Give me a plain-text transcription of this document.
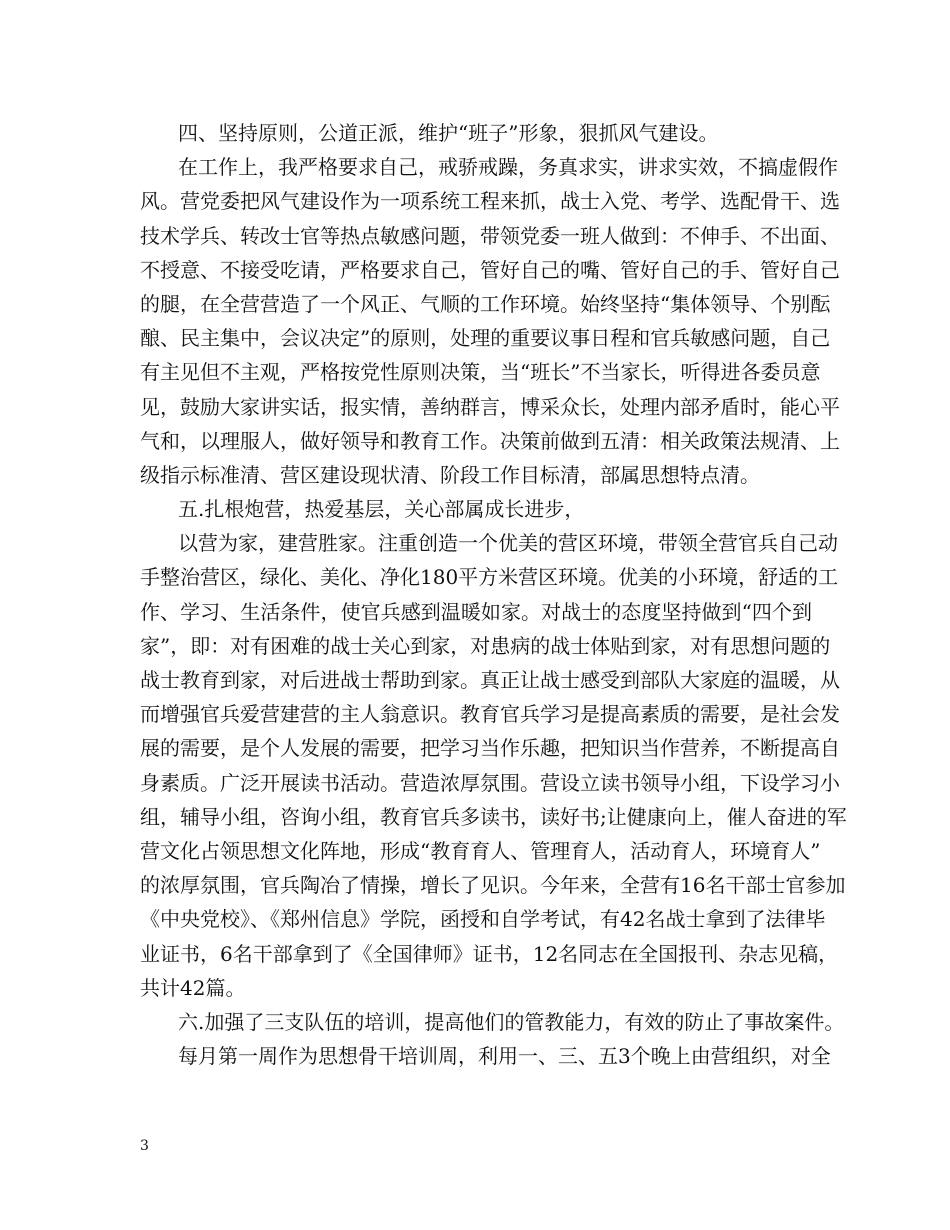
四、坚持原则，公道正派，维护“班子”形象，狠抓风气建设。
在工作上，我严格要求自己，戒骄戒躁，务真求实，讲求实效，不搞虚假作
风。营党委把风气建设作为一项系统工程来抓，战士入党、考学、选配骨干、选
技术学兵、转改士官等热点敏感问题，带领党委一班人做到：不伸手、不出面、
不授意、不接受吃请，严格要求自己，管好自己的嘴、管好自己的手、管好自己
的腿，在全营营造了一个风正、气顺的工作环境。始终坚持“集体领导、个别酝
酿、民主集中，会议决定”的原则，处理的重要议事日程和官兵敏感问题，自己
有主见但不主观，严格按党性原则决策，当“班长”不当家长，听得进各委员意
见，鼓励大家讲实话，报实情，善纳群言，博采众长，处理内部矛盾时，能心平
气和，以理服人，做好领导和教育工作。决策前做到五清：相关政策法规清、上
级指示标准清、营区建设现状清、阶段工作目标清，部属思想特点清。
五.扎根炮营，热爱基层，关心部属成长进步，
以营为家，建营胜家。注重创造一个优美的营区环境，带领全营官兵自己动
手整治营区，绿化、美化、净化180平方米营区环境。优美的小环境，舒适的工
作、学习、生活条件，使官兵感到温暖如家。对战士的态度坚持做到“四个到
家”，即：对有困难的战士关心到家，对患病的战士体贴到家，对有思想问题的
战士教育到家，对后进战士帮助到家。真正让战士感受到部队大家庭的温暖，从
而增强官兵爱营建营的主人翁意识。教育官兵学习是提高素质的需要，是社会发
展的需要，是个人发展的需要，把学习当作乐趣，把知识当作营养，不断提高自
身素质。广泛开展读书活动。营造浓厚氛围。营设立读书领导小组，下设学习小
组，辅导小组，咨询小组，教育官兵多读书，读好书;让健康向上，催人奋进的军
营文化占领思想文化阵地，形成“教育育人、管理育人，活动育人，环境育人”
的浓厚氛围，官兵陶冶了情操，增长了见识。今年来，全营有16名干部士官参加
《中央党校》、《郑州信息》学院，函授和自学考试，有42名战士拿到了法律毕
业证书，6名干部拿到了《全国律师》证书，12名同志在全国报刊、杂志见稿，
共计42篇。
六.加强了三支队伍的培训，提高他们的管教能力，有效的防止了事故案件。
每月第一周作为思想骨干培训周，利用一、三、五3个晚上由营组织，对全
3
